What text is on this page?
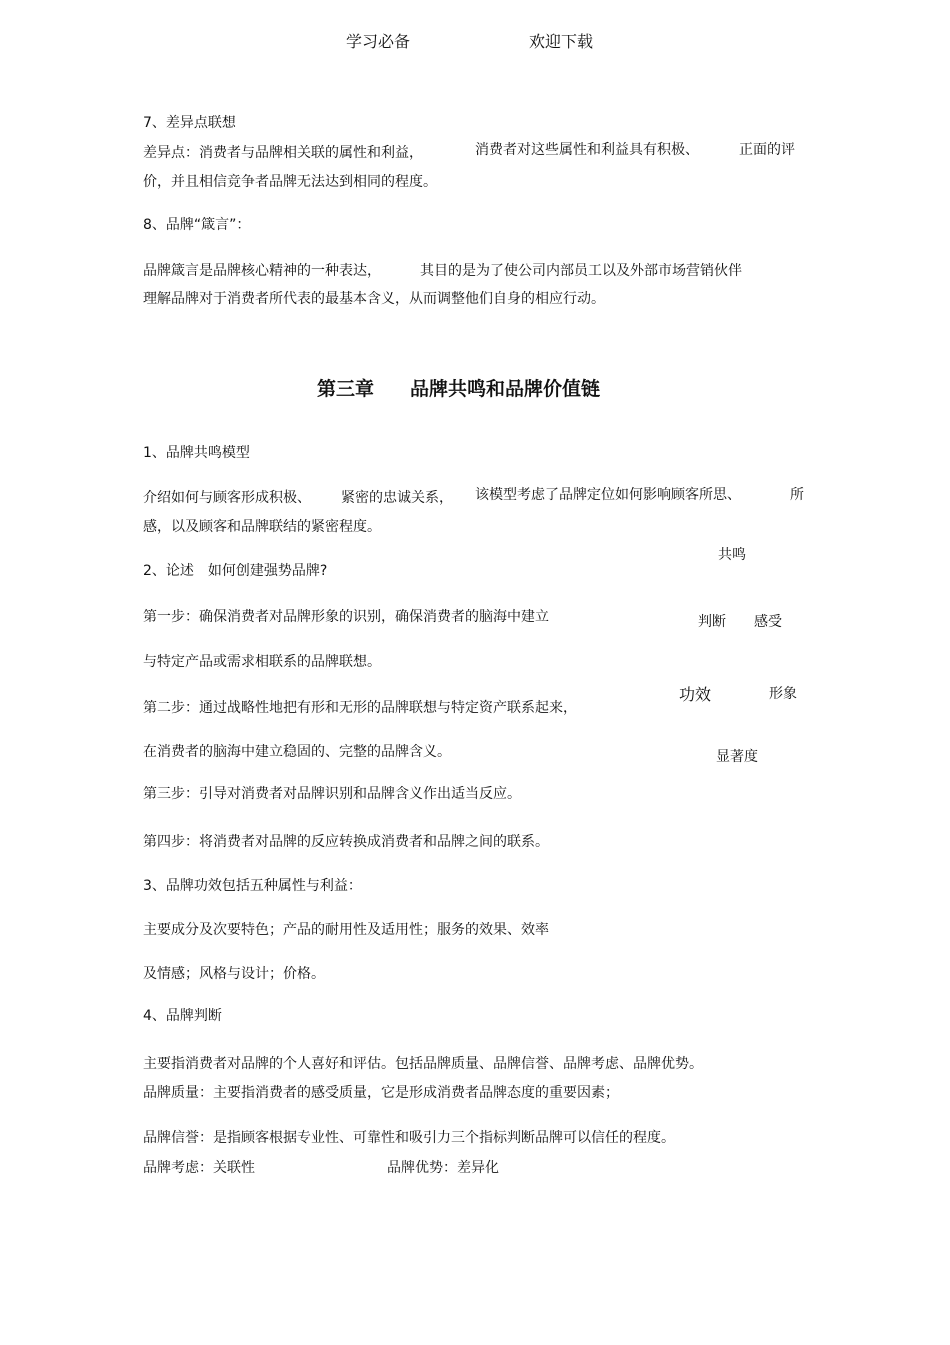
学习必备	欢迎下载
7、差异点联想
差异点：消费者与品牌相关联的属性和利益，	消费者对这些属性和利益具有积极、	正面的评
价，并且相信竞争者品牌无法达到相同的程度。
8、品牌“箴言”：
品牌箴言是品牌核心精神的一种表达，	其目的是为了使公司内部员工以及外部市场营销伙伴
理解品牌对于消费者所代表的最基本含义，从而调整他们自身的相应行动。
第三章 品牌共鸣和品牌价值链
1、品牌共鸣模型
介绍如何与顾客形成积极、 紧密的忠诚关系， 该模型考虑了品牌定位如何影响顾客所思、	所
感，以及顾客和品牌联结的紧密程度。
共鸣
判断 感受
功效	形象
显著度
2、论述　如何创建强势品牌?
第一步：确保消费者对品牌形象的识别，确保消费者的脑海中建立
与特定产品或需求相联系的品牌联想。
第二步：通过战略性地把有形和无形的品牌联想与特定资产联系起来，
在消费者的脑海中建立稳固的、完整的品牌含义。
第三步：引导对消费者对品牌识别和品牌含义作出适当反应。
第四步：将消费者对品牌的反应转换成消费者和品牌之间的联系。
3、品牌功效包括五种属性与利益：
主要成分及次要特色；产品的耐用性及适用性；服务的效果、效率
及情感；风格与设计；价格。
4、品牌判断
主要指消费者对品牌的个人喜好和评估。包括品牌质量、品牌信誉、品牌考虑、品牌优势。
品牌质量：主要指消费者的感受质量，它是形成消费者品牌态度的重要因素；
品牌信誉：是指顾客根据专业性、可靠性和吸引力三个指标判断品牌可以信任的程度。
品牌考虑：关联性	品牌优势：差异化
